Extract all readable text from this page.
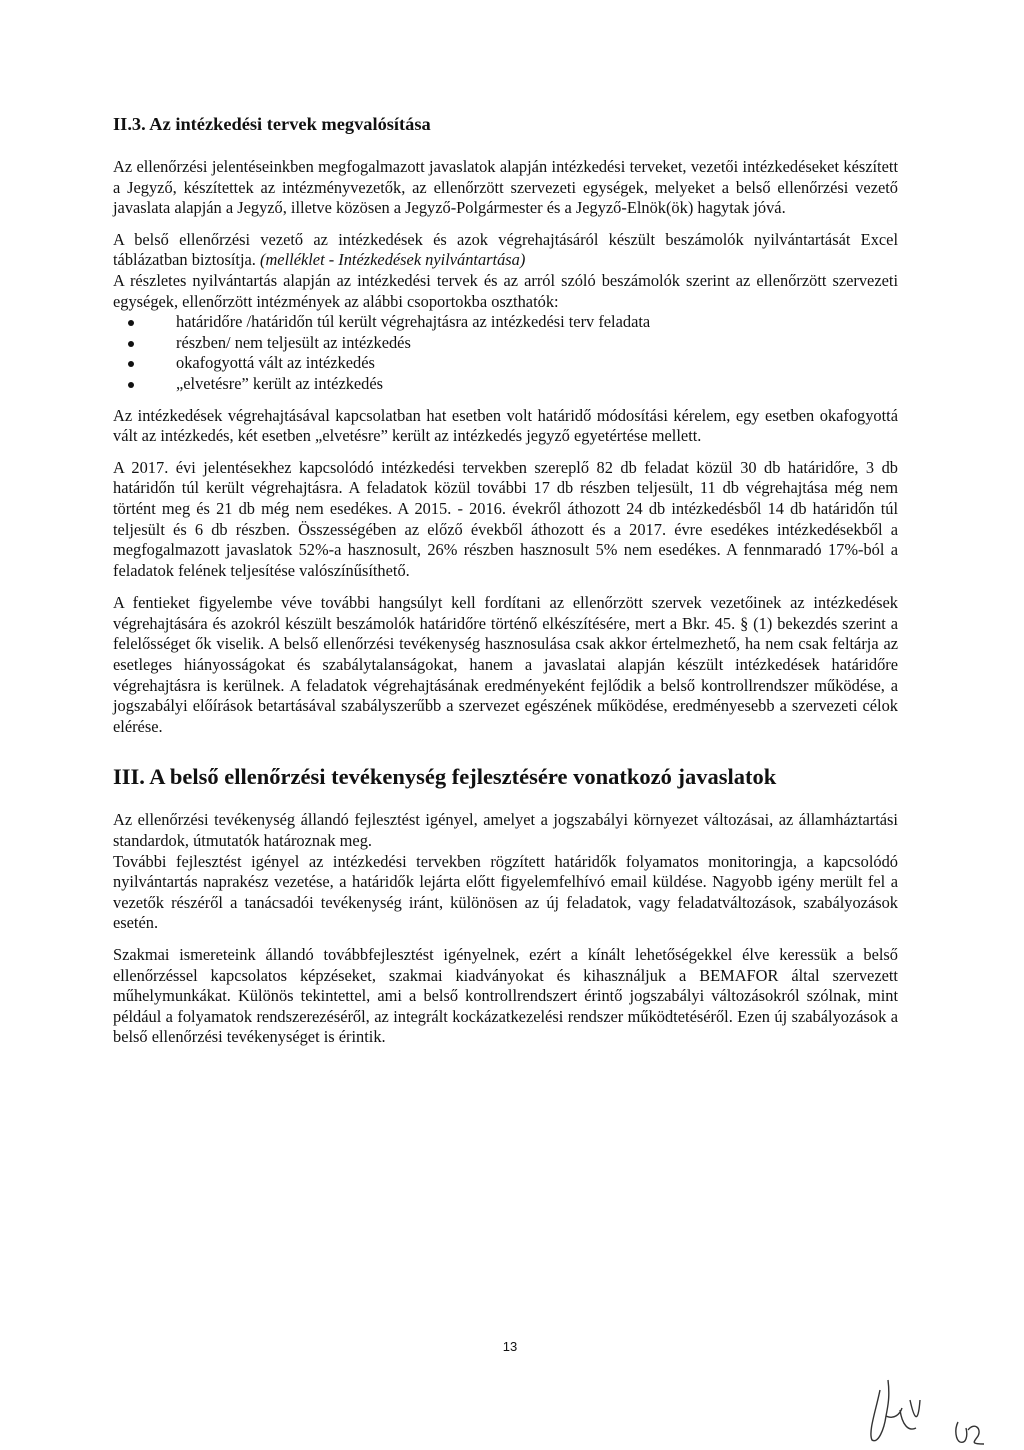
II.3. Az intézkedési tervek megvalósítása

Az ellenőrzési jelentéseinkben megfogalmazott javaslatok alapján intézkedési terveket, vezetői intézkedéseket készített a Jegyző, készítettek az intézményvezetők, az ellenőrzött szervezeti egységek, melyeket a belső ellenőrzési vezető javaslata alapján a Jegyző, illetve közösen a Jegyző-Polgármester és a Jegyző-Elnök(ök) hagytak jóvá.

A belső ellenőrzési vezető az intézkedések és azok végrehajtásáról készült beszámolók nyilvántartását Excel táblázatban biztosítja. (melléklet - Intézkedések nyilvántartása)

A részletes nyilvántartás alapján az intézkedési tervek és az arról szóló beszámolók szerint az ellenőrzött szervezeti egységek, ellenőrzött intézmények az alábbi csoportokba oszthatók:

határidőre /határidőn túl került végrehajtásra az intézkedési terv feladata
részben/ nem teljesült az intézkedés
okafogyottá vált az intézkedés
„elvetésre” került az intézkedés

Az intézkedések végrehajtásával kapcsolatban hat esetben volt határidő módosítási kérelem, egy esetben okafogyottá vált az intézkedés, két esetben „elvetésre” került az intézkedés jegyző egyetértése mellett.

A 2017. évi jelentésekhez kapcsolódó intézkedési tervekben szereplő 82 db feladat közül 30 db határidőre, 3 db határidőn túl került végrehajtásra. A feladatok közül további 17 db részben teljesült, 11 db végrehajtása még nem történt meg és 21 db még nem esedékes. A 2015. - 2016. évekről áthozott 24 db intézkedésből 14 db határidőn túl teljesült és 6 db részben. Összességében az előző évekből áthozott és a 2017. évre esedékes intézkedésekből a megfogalmazott javaslatok 52%-a hasznosult, 26% részben hasznosult 5% nem esedékes. A fennmaradó 17%-ból a feladatok felének teljesítése valószínűsíthető.

A fentieket figyelembe véve további hangsúlyt kell fordítani az ellenőrzött szervek vezetőinek az intézkedések végrehajtására és azokról készült beszámolók határidőre történő elkészítésére, mert a Bkr. 45. § (1) bekezdés szerint a felelősséget ők viselik. A belső ellenőrzési tevékenység hasznosulása csak akkor értelmezhető, ha nem csak feltárja az esetleges hiányosságokat és szabálytalanságokat, hanem a javaslatai alapján készült intézkedések határidőre végrehajtásra is kerülnek. A feladatok végrehajtásának eredményeként fejlődik a belső kontrollrendszer működése, a jogszabályi előírások betartásával szabályszerűbb a szervezet egészének működése, eredményesebb a szervezeti célok elérése.

III. A belső ellenőrzési tevékenység fejlesztésére vonatkozó javaslatok

Az ellenőrzési tevékenység állandó fejlesztést igényel, amelyet a jogszabályi környezet változásai, az államháztartási standardok, útmutatók határoznak meg.

További fejlesztést igényel az intézkedési tervekben rögzített határidők folyamatos monitoringja, a kapcsolódó nyilvántartás naprakész vezetése, a határidők lejárta előtt figyelemfelhívó email küldése. Nagyobb igény merült fel a vezetők részéről a tanácsadói tevékenység iránt, különösen az új feladatok, vagy feladatváltozások, szabályozások esetén.

Szakmai ismereteink állandó továbbfejlesztést igényelnek, ezért a kínált lehetőségekkel élve keressük a belső ellenőrzéssel kapcsolatos képzéseket, szakmai kiadványokat és kihasználjuk a BEMAFOR által szervezett műhelymunkákat. Különös tekintettel, ami a belső kontrollrendszert érintő jogszabályi változásokról szólnak, mint például a folyamatok rendszerezéséről, az integrált kockázatkezelési rendszer működtetéséről. Ezen új szabályozások a belső ellenőrzési tevékenységet is érintik.

13
